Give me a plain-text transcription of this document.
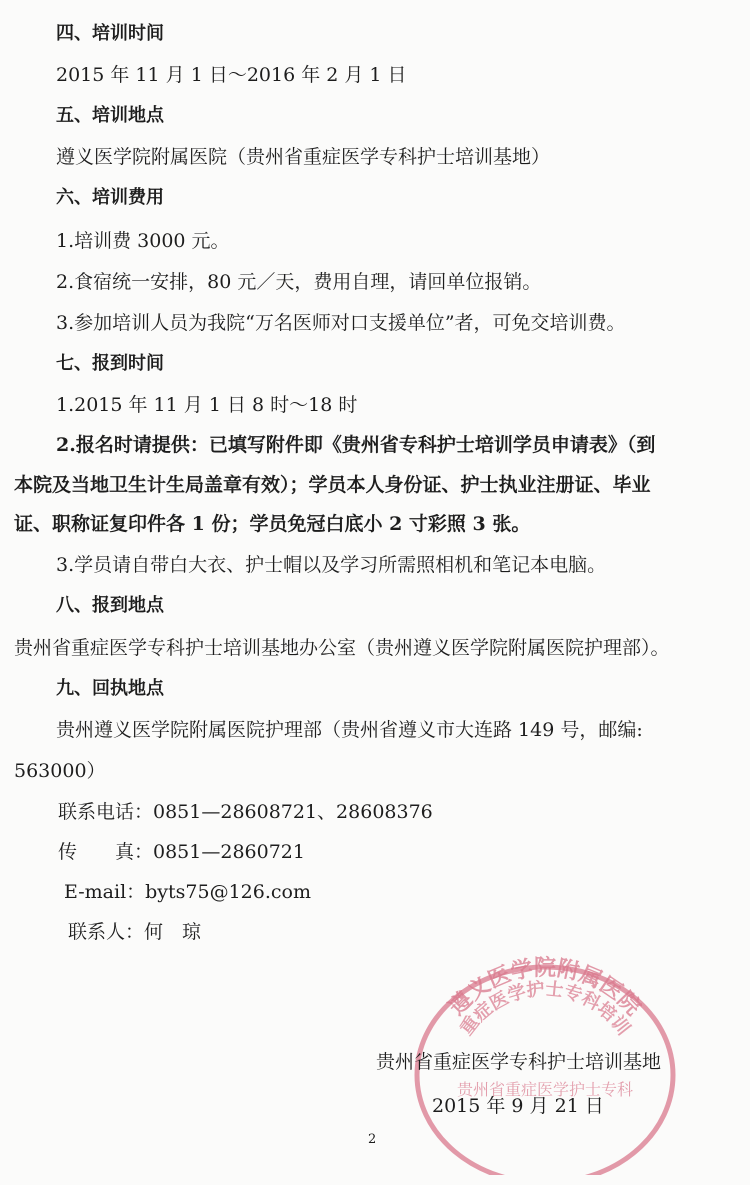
四、培训时间
2015 年 11 月 1 日～2016 年 2 月 1 日
五、培训地点
遵义医学院附属医院（贵州省重症医学专科护士培训基地）
六、培训费用
1.培训费 3000 元。
2.食宿统一安排，80 元／天，费用自理，请回单位报销。
3.参加培训人员为我院“万名医师对口支援单位”者，可免交培训费。
七、报到时间
1.2015 年 11 月 1 日 8 时～18 时
2.报名时请提供：已填写附件即《贵州省专科护士培训学员申请表》（到
本院及当地卫生计生局盖章有效）；学员本人身份证、护士执业注册证、毕业
证、职称证复印件各 1 份；学员免冠白底小 2 寸彩照 3 张。
3.学员请自带白大衣、护士帽以及学习所需照相机和笔记本电脑。
八、报到地点
贵州省重症医学专科护士培训基地办公室（贵州遵义医学院附属医院护理部）。
九、回执地点
贵州遵义医学院附属医院护理部（贵州省遵义市大连路 149 号，邮编:
563000）
联系电话：0851—28608721、28608376
传　　真：0851—2860721
E-mail：byts75@126.com
联系人：何　琼
遵义医学院附属医院
重症医学护士专科培训
贵州省重症医学护士专科
贵州省重症医学专科护士培训基地
2015 年 9 月 21 日
2
